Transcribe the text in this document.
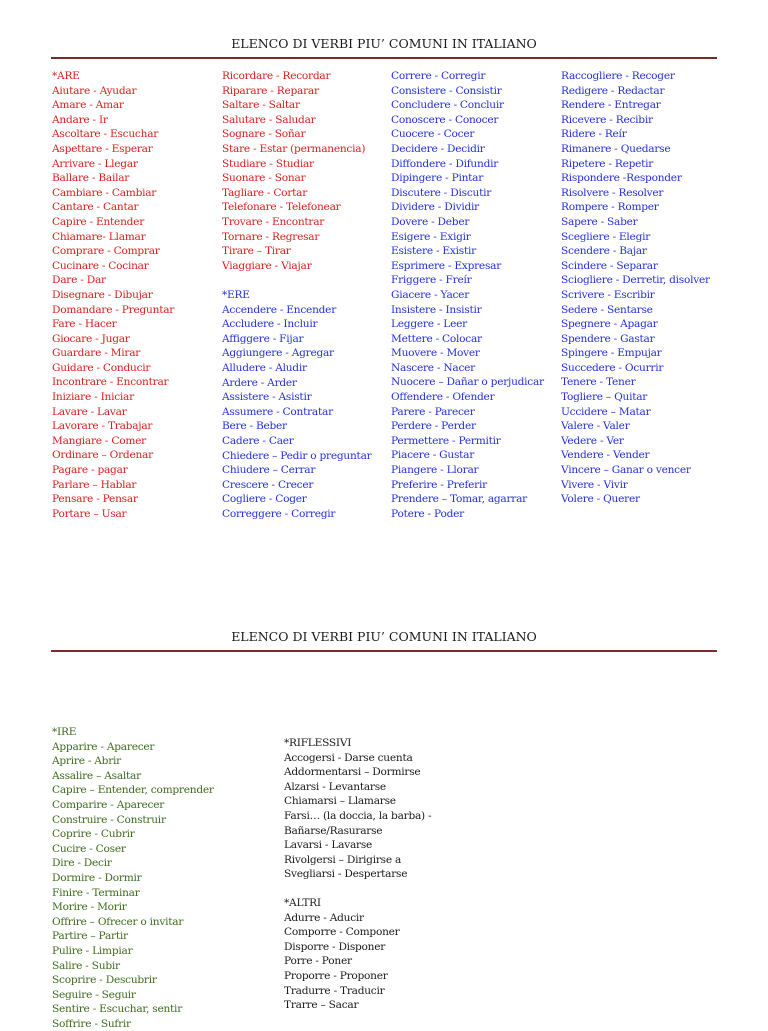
ELENCO DI VERBI PIU’ COMUNI IN ITALIANO
*ARE
Aiutare - Ayudar
Amare - Amar
Andare - Ir
Ascoltare - Escuchar
Aspettare - Esperar
Arrivare - Llegar
Ballare - Bailar
Cambiare - Cambiar
Cantare - Cantar
Capire - Entender
Chiamare- Llamar
Comprare - Comprar
Cucinare - Cocinar
Dare - Dar
Disegnare - Dibujar
Domandare - Preguntar
Fare - Hacer
Giocare - Jugar
Guardare - Mirar
Guidare - Conducir
Incontrare - Encontrar
Iniziare - Iniciar
Lavare - Lavar
Lavorare - Trabajar
Mangiare - Comer
Ordinare – Ordenar
Pagare - pagar
Parlare – Hablar
Pensare - Pensar
Portare – Usar
Ricordare - Recordar
Riparare - Reparar
Saltare - Saltar
Salutare - Saludar
Sognare - Soñar
Stare - Estar (permanencia)
Studiare - Studiar
Suonare - Sonar
Tagliare - Cortar
Telefonare - Telefonear
Trovare - Encontrar
Tornare - Regresar
Tirare – Tirar
Viaggiare - Viajar
*ERE
Accendere - Encender
Accludere - Incluir
Affiggere - Fijar
Aggiungere - Agregar
Alludere - Aludir
Ardere - Arder
Assistere - Asistir
Assumere - Contratar
Bere - Beber
Cadere - Caer
Chiedere – Pedir o preguntar
Chiudere – Cerrar
Crescere - Crecer
Cogliere - Coger
Correggere - Corregir
Correre - Corregir
Consistere - Consistir
Concludere - Concluir
Conoscere - Conocer
Cuocere - Cocer
Decidere - Decidir
Diffondere - Difundir
Dipingere - Pintar
Discutere - Discutir
Dividere - Dividir
Dovere - Deber
Esigere - Exigir
Esistere - Existir
Esprimere - Expresar
Friggere - Freír
Giacere - Yacer
Insistere - Insistir
Leggere - Leer
Mettere - Colocar
Muovere - Mover
Nascere - Nacer
Nuocere – Dañar o perjudicar
Offendere - Ofender
Parere - Parecer
Perdere - Perder
Permettere - Permitir
Piacere - Gustar
Piangere - Llorar
Preferire - Preferir
Prendere – Tomar, agarrar
Potere - Poder
Raccogliere - Recoger
Redigere - Redactar
Rendere - Entregar
Ricevere - Recibir
Ridere - Reír
Rimanere - Quedarse
Ripetere - Repetir
Rispondere -Responder
Risolvere - Resolver
Rompere - Romper
Sapere - Saber
Scegliere - Elegir
Scendere - Bajar
Scindere - Separar
Sciogliere - Derretir, disolver
Scrivere - Escribir
Sedere - Sentarse
Spegnere - Apagar
Spendere - Gastar
Spingere - Empujar
Succedere - Ocurrir
Tenere - Tener
Togliere – Quitar
Uccidere – Matar
Valere - Valer
Vedere - Ver
Vendere - Vender
Vincere – Ganar o vencer
Vivere - Vivir
Volere - Querer
ELENCO DI VERBI PIU’ COMUNI IN ITALIANO
*IRE
Apparire - Aparecer
Aprire - Abrir
Assalire – Asaltar
Capire – Entender, comprender
Comparire - Aparecer
Construire - Construir
Coprire - Cubrir
Cucire - Coser
Dire - Decir
Dormire - Dormir
Finire - Terminar
Morire - Morir
Offrire – Ofrecer o invitar
Partire – Partir
Pulire - Limpiar
Salire - Subir
Scoprire - Descubrir
Seguire - Seguir
Sentire - Escuchar, sentir
Soffrire - Sufrir
*RIFLESSIVI
Accogersi - Darse cuenta
Addormentarsi – Dormirse
Alzarsi - Levantarse
Chiamarsi – Llamarse
Farsi… (la doccia, la barba) -
Bañarse/Rasurarse
Lavarsi - Lavarse
Rivolgersi – Dirigirse a
Svegliarsi - Despertarse
*ALTRI
Adurre - Aducir
Comporre - Componer
Disporre - Disponer
Porre - Poner
Proporre - Proponer
Tradurre - Traducir
Trarre – Sacar
